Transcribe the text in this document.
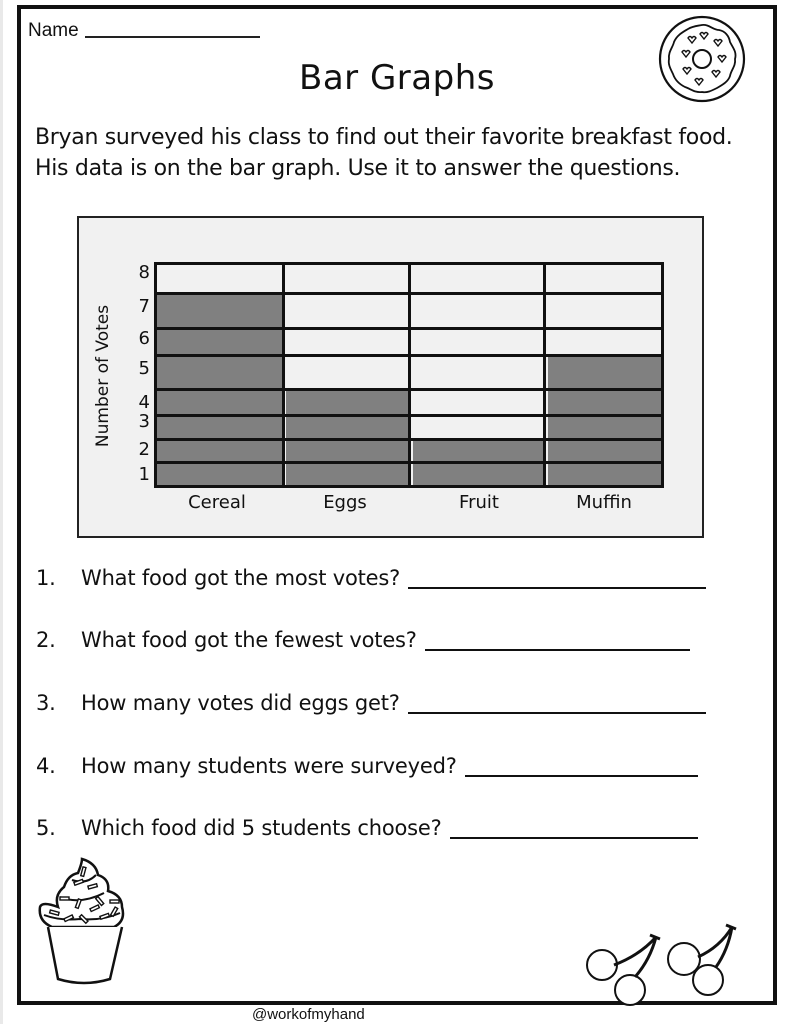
Name
Bar Graphs
Bryan surveyed his class to find out their favorite breakfast food. His data is on the bar graph. Use it to answer the questions.
8
7
6
5
4
3
2
1
Number of Votes
Cereal	Eggs	Fruit	Muffin
1. What food got the most votes?
2. What food got the fewest votes?
3. How many votes did eggs get?
4. How many students were surveyed?
5. Which food did 5 students choose?
@workofmyhand
